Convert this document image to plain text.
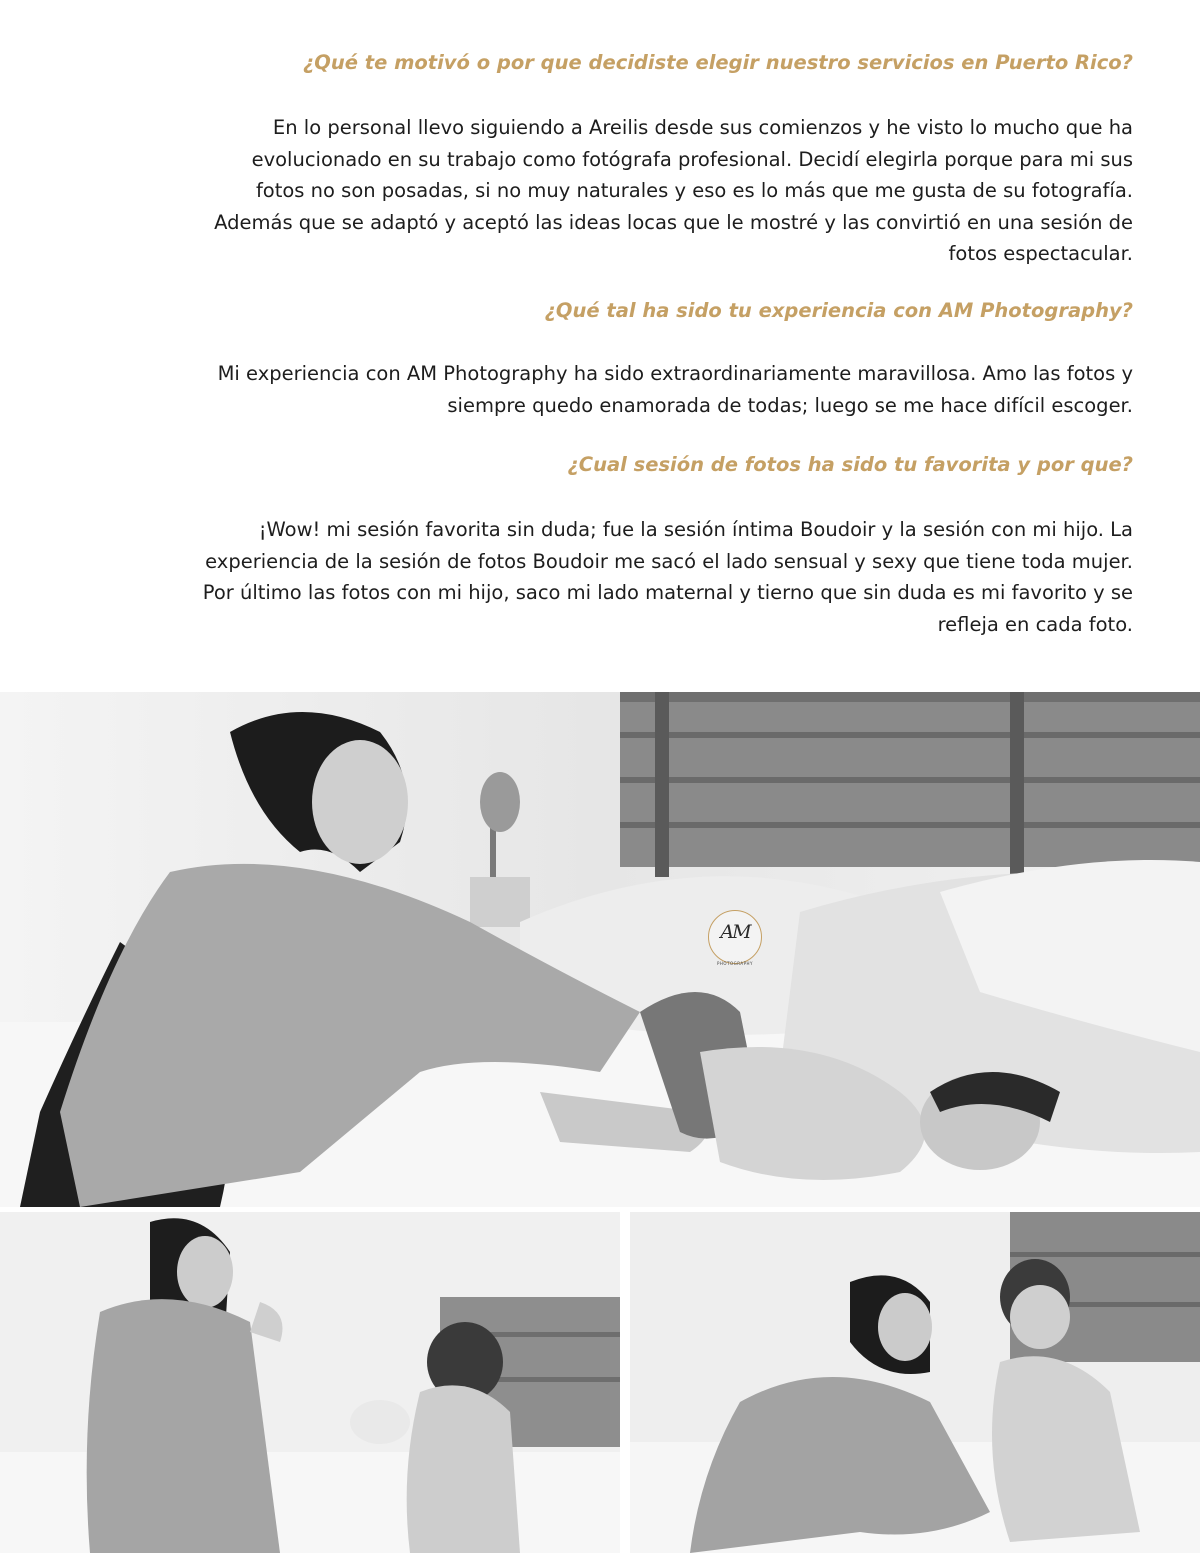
¿Qué te motivó o por que decidiste elegir nuestro servicios en Puerto Rico?

En lo personal llevo siguiendo a Areilis desde sus comienzos y he visto lo mucho que ha

evolucionado en su trabajo como fotógrafa profesional. Decidí elegirla porque para mi sus

fotos no son posadas, si no muy naturales y eso es lo más que me gusta de su fotografía.

Además que se adaptó y aceptó las ideas locas que le mostré y las convirtió en una sesión de

fotos espectacular.

¿Qué tal ha sido tu experiencia con AM Photography?

Mi experiencia con AM Photography ha sido extraordinariamente maravillosa. Amo las fotos y

siempre quedo enamorada de todas; luego se me hace difícil escoger.

¿Cual sesión de fotos ha sido tu favorita y por que?

¡Wow! mi sesión favorita sin duda; fue la sesión íntima Boudoir y la sesión con mi hijo. La

experiencia de la sesión de fotos Boudoir me sacó el lado sensual y sexy que tiene toda mujer.

Por último las fotos con mi hijo, saco mi lado maternal y tierno que sin duda es mi favorito y se

refleja en cada foto.

AM
PHOTOGRAPHY
